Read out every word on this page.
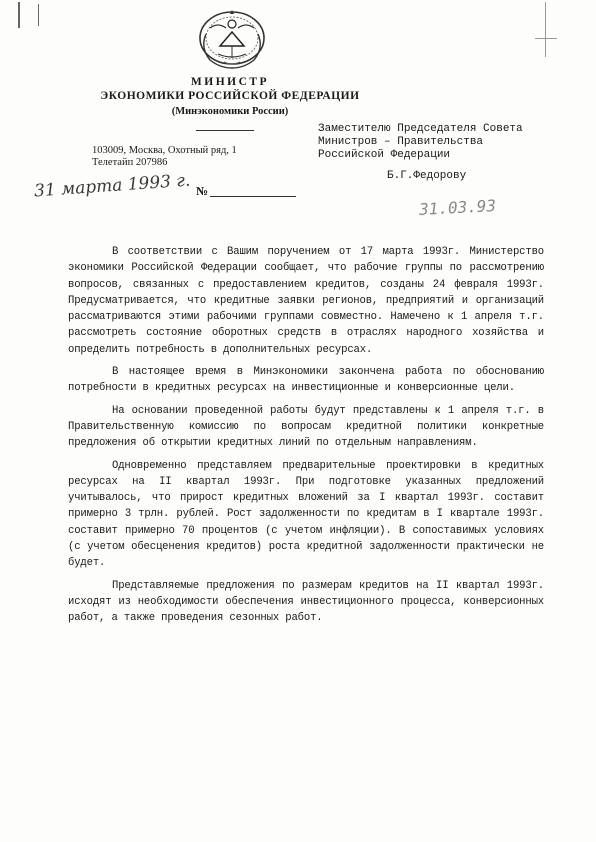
МИНИСТР
ЭКОНОМИКИ РОССИЙСКОЙ ФЕДЕРАЦИИ
(Минэкономики России)
103009, Москва, Охотный ряд, 1
Телетайп 207986
Заместителю Председателя Совета
Министров – Правительства
Российской Федерации
Б.Г.Федорову
31 марта 1993 г. №
31.03.93

В соответствии с Вашим поручением от 17 марта 1993г. Министерство экономики Российской Федерации сообщает, что рабочие группы по рассмотрению вопросов, связанных с предоставлением кредитов, созданы 24 февраля 1993г. Предусматривается, что кредитные заявки регионов, предприятий и организаций рассматриваются этими рабочими группами совместно. Намечено к 1 апреля т.г. рассмотреть состояние оборотных средств в отраслях народного хозяйства и определить потребность в дополнительных ресурсах.

В настоящее время в Минэкономики закончена работа по обоснованию потребности в кредитных ресурсах на инвестиционные и конверсионные цели.

На основании проведенной работы будут представлены к 1 апреля т.г. в Правительственную комиссию по вопросам кредитной политики конкретные предложения об открытии кредитных линий по отдельным направлениям.

Одновременно представляем предварительные проектировки в кредитных ресурсах на II квартал 1993г. При подготовке указанных предложений учитывалось, что прирост кредитных вложений за I квартал 1993г. составит примерно 3 трлн. рублей. Рост задолженности по кредитам в I квартале 1993г. составит примерно 70 процентов (с учетом инфляции). В сопоставимых условиях (с учетом обесценения кредитов) роста кредитной задолженности практически не будет.

Представляемые предложения по размерам кредитов на II квартал 1993г. исходят из необходимости обеспечения инвестиционного процесса, конверсионных работ, а также проведения сезонных работ.
